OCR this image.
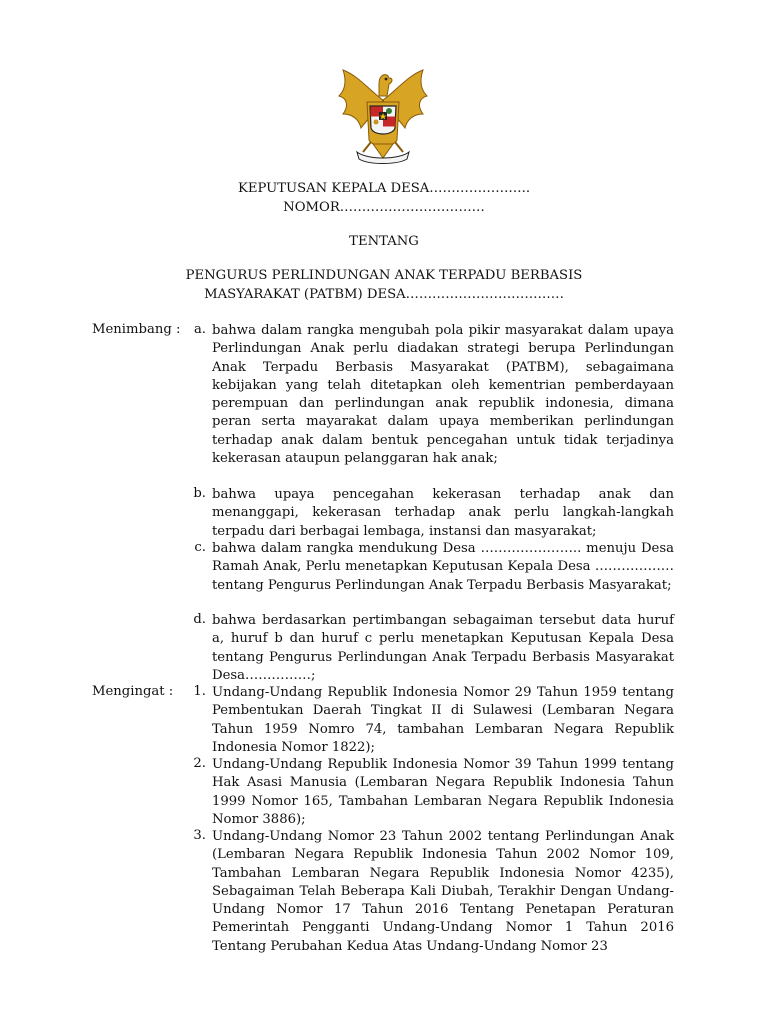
KEPUTUSAN KEPALA DESA…………………..
NOMOR……………………………
TENTANG
PENGURUS PERLINDUNGAN ANAK TERPADU BERBASIS
MASYARAKAT (PATBM) DESA………………………………
Menimbang :	a. bahwa dalam rangka mengubah pola pikir masyarakat dalam upaya Perlindungan Anak perlu diadakan strategi berupa Perlindungan Anak Terpadu Berbasis Masyarakat (PATBM), sebagaimana kebijakan yang telah ditetapkan oleh kementrian pemberdayaan perempuan dan perlindungan anak republik indonesia, dimana peran serta mayarakat dalam upaya memberikan perlindungan terhadap anak dalam bentuk pencegahan untuk tidak terjadinya kekerasan ataupun pelanggaran hak anak;
b. bahwa upaya pencegahan kekerasan terhadap anak dan menanggapi, kekerasan terhadap anak perlu langkah-langkah terpadu dari berbagai lembaga, instansi dan masyarakat;
c. bahwa dalam rangka mendukung Desa ………………….. menuju Desa Ramah Anak, Perlu menetapkan Keputusan Kepala Desa ……………… tentang Pengurus Perlindungan Anak Terpadu Berbasis Masyarakat;
d. bahwa berdasarkan pertimbangan sebagaiman tersebut data huruf a, huruf b dan huruf c perlu menetapkan Keputusan Kepala Desa tentang Pengurus Perlindungan Anak Terpadu Berbasis Masyarakat Desa……………;
Mengingat :	1. Undang-Undang Republik Indonesia Nomor 29 Tahun 1959 tentang Pembentukan Daerah Tingkat II di Sulawesi (Lembaran Negara Tahun 1959 Nomro 74, tambahan Lembaran Negara Republik Indonesia Nomor 1822);
2. Undang-Undang Republik Indonesia Nomor 39 Tahun 1999 tentang Hak Asasi Manusia (Lembaran Negara Republik Indonesia Tahun 1999 Nomor 165, Tambahan Lembaran Negara Republik Indonesia Nomor 3886);
3. Undang-Undang Nomor 23 Tahun 2002 tentang Perlindungan Anak (Lembaran Negara Republik Indonesia Tahun 2002 Nomor 109, Tambahan Lembaran Negara Republik Indonesia Nomor 4235), Sebagaiman Telah Beberapa Kali Diubah, Terakhir Dengan Undang-Undang Nomor 17 Tahun 2016 Tentang Penetapan Peraturan Pemerintah Pengganti Undang-Undang Nomor 1 Tahun 2016 Tentang Perubahan Kedua Atas Undang-Undang Nomor 23
